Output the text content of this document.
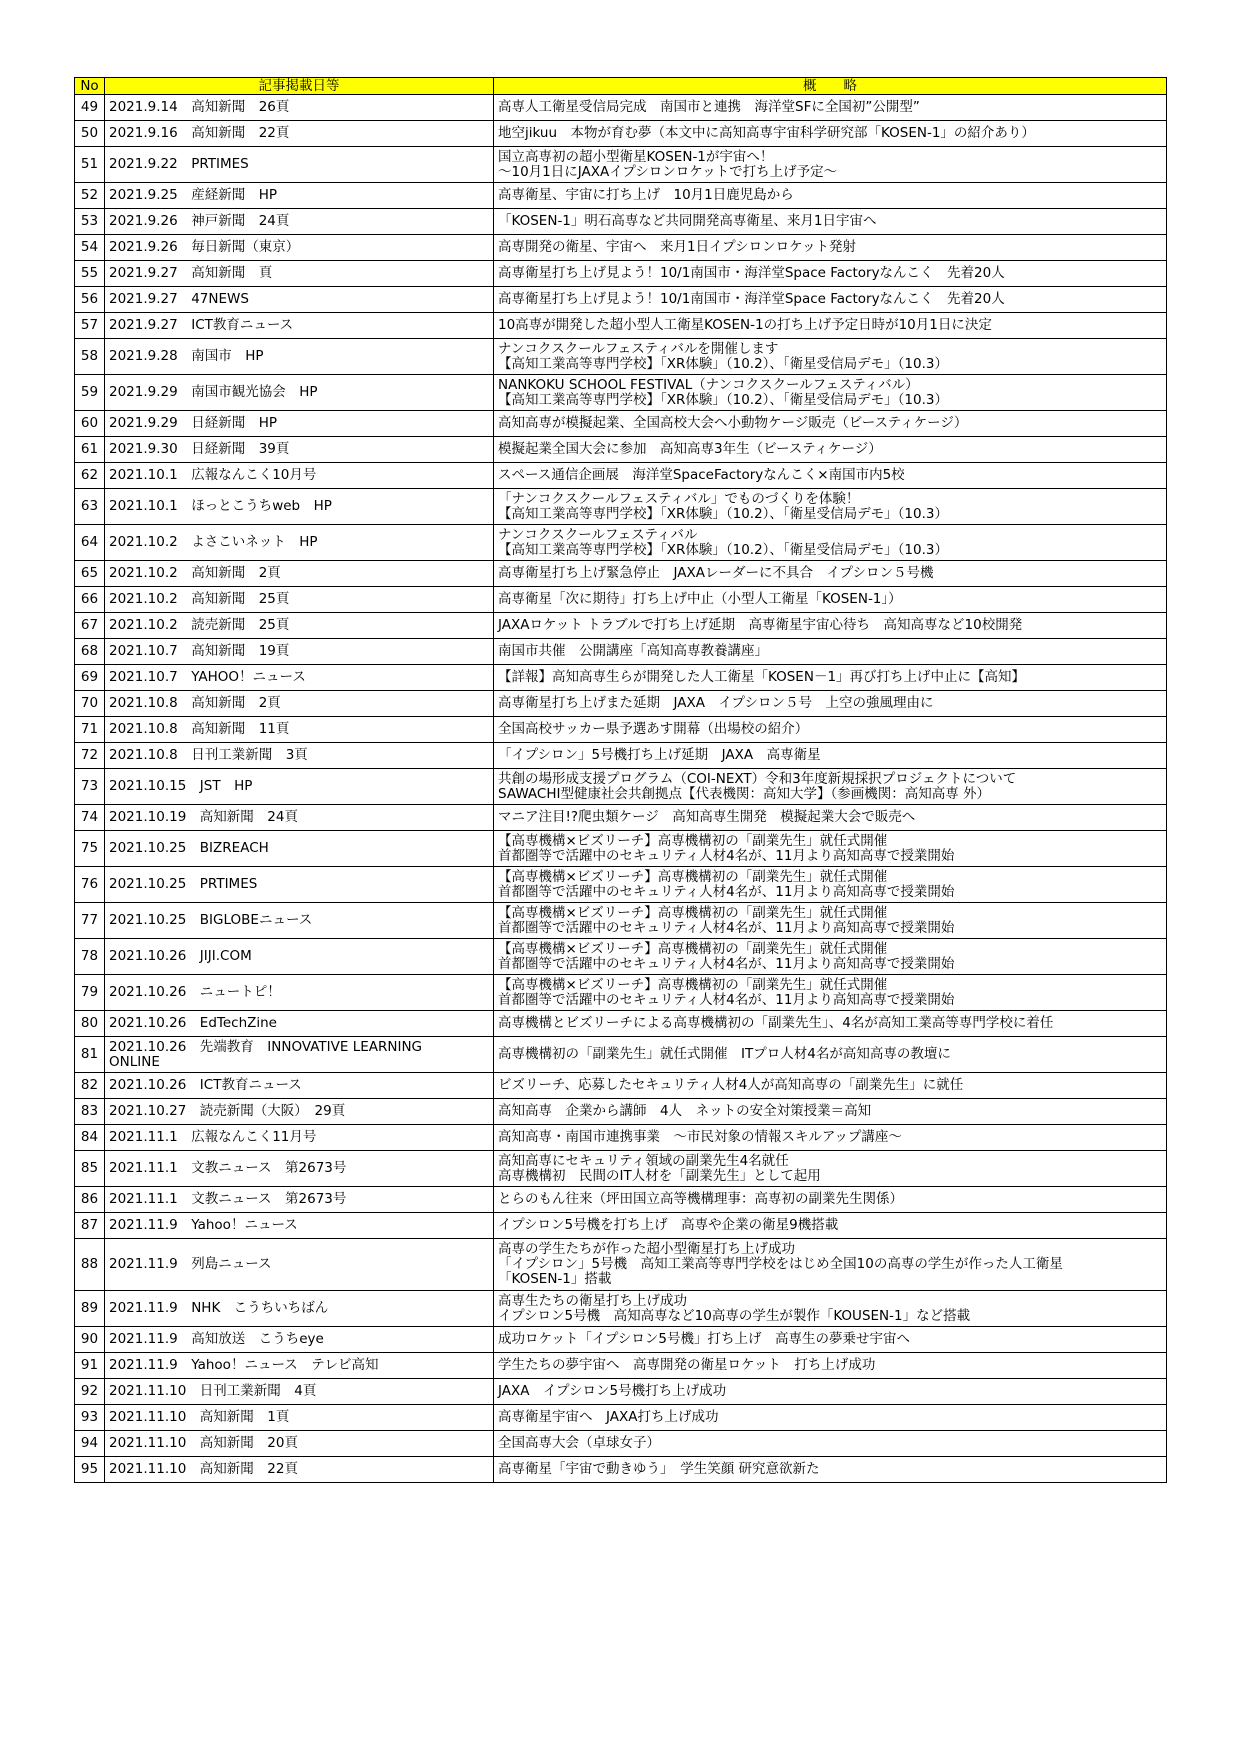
No	記事掲載日等	概　　略
49	2021.9.14　高知新聞　26頁	高専人工衛星受信局完成　南国市と連携　海洋堂SFに全国初”公開型”

50	2021.9.16　高知新聞　22頁	地空jikuu　本物が育む夢（本文中に高知高専宇宙科学研究部「KOSEN-1」の紹介あり）

51	2021.9.22　PRTIMES	国立高専初の超小型衛星KOSEN-1が宇宙へ！
～10月1日にJAXAイプシロンロケットで打ち上げ予定～

52	2021.9.25　産経新聞　HP	高専衛星、宇宙に打ち上げ　10月1日鹿児島から

53	2021.9.26　神戸新聞　24頁	「KOSEN-1」明石高専など共同開発高専衛星、来月1日宇宙へ

54	2021.9.26　毎日新聞（東京）	高専開発の衛星、宇宙へ　来月1日イプシロンロケット発射

55	2021.9.27　高知新聞　頁	高専衛星打ち上げ見よう！10/1南国市・海洋堂Space Factoryなんこく　先着20人

56	2021.9.27　47NEWS	高専衛星打ち上げ見よう！10/1南国市・海洋堂Space Factoryなんこく　先着20人

57	2021.9.27　ICT教育ニュース	10高専が開発した超小型人工衛星KOSEN-1の打ち上げ予定日時が10月1日に決定

58	2021.9.28　南国市　HP	ナンコクスクールフェスティバルを開催します
【高知工業高等専門学校】「XR体験」（10.2）、「衛星受信局デモ」（10.3）

59	2021.9.29　南国市観光協会　HP	NANKOKU SCHOOL FESTIVAL（ナンコクスクールフェスティバル）
【高知工業高等専門学校】「XR体験」（10.2）、「衛星受信局デモ」（10.3）

60	2021.9.29　日経新聞　HP	高知高専が模擬起業、全国高校大会へ小動物ケージ販売（ビースティケージ）

61	2021.9.30　日経新聞　39頁	模擬起業全国大会に参加　高知高専3年生（ビースティケージ）

62	2021.10.1　広報なんこく10月号	スペース通信企画展　海洋堂SpaceFactoryなんこく×南国市内5校

63	2021.10.1　ほっとこうちweb　HP	「ナンコクスクールフェスティバル」でものづくりを体験！
【高知工業高等専門学校】「XR体験」（10.2）、「衛星受信局デモ」（10.3）

64	2021.10.2　よさこいネット　HP	ナンコクスクールフェスティバル
【高知工業高等専門学校】「XR体験」（10.2）、「衛星受信局デモ」（10.3）

65	2021.10.2　高知新聞　2頁	高専衛星打ち上げ緊急停止　JAXAレーダーに不具合　イプシロン５号機

66	2021.10.2　高知新聞　25頁	高専衛星「次に期待」打ち上げ中止（小型人工衛星「KOSEN-1」）

67	2021.10.2　読売新聞　25頁	JAXAロケット トラブルで打ち上げ延期　高専衛星宇宙心待ち　高知高専など10校開発

68	2021.10.7　高知新聞　19頁	南国市共催　公開講座「高知高専教養講座」

69	2021.10.7　YAHOO！ニュース	【詳報】高知高専生らが開発した人工衛星「KOSEN－1」再び打ち上げ中止に【高知】

70	2021.10.8　高知新聞　2頁	高専衛星打ち上げまた延期　JAXA　イプシロン５号　上空の強風理由に

71	2021.10.8　高知新聞　11頁	全国高校サッカー県予選あす開幕（出場校の紹介）

72	2021.10.8　日刊工業新聞　3頁	「イプシロン」5号機打ち上げ延期　JAXA　高専衛星

73	2021.10.15　JST　HP	共創の場形成支援プログラム（COI-NEXT）令和3年度新規採択プロジェクトについて
SAWACHI型健康社会共創拠点【代表機関：高知大学】（参画機関：高知高専 外）

74	2021.10.19　高知新聞　24頁	マニア注目!?爬虫類ケージ　高知高専生開発　模擬起業大会で販売へ

75	2021.10.25　BIZREACH	【高専機構×ビズリーチ】高専機構初の「副業先生」就任式開催
首都圏等で活躍中のセキュリティ人材4名が、11月より高知高専で授業開始

76	2021.10.25　PRTIMES	【高専機構×ビズリーチ】高専機構初の「副業先生」就任式開催
首都圏等で活躍中のセキュリティ人材4名が、11月より高知高専で授業開始

77	2021.10.25　BIGLOBEニュース	【高専機構×ビズリーチ】高専機構初の「副業先生」就任式開催
首都圏等で活躍中のセキュリティ人材4名が、11月より高知高専で授業開始

78	2021.10.26　JIJI.COM	【高専機構×ビズリーチ】高専機構初の「副業先生」就任式開催
首都圏等で活躍中のセキュリティ人材4名が、11月より高知高専で授業開始

79	2021.10.26　ニュートピ！	【高専機構×ビズリーチ】高専機構初の「副業先生」就任式開催
首都圏等で活躍中のセキュリティ人材4名が、11月より高知高専で授業開始

80	2021.10.26　EdTechZine	高専機構とビズリーチによる高専機構初の「副業先生」、4名が高知工業高等専門学校に着任

81	2021.10.26　先端教育　INNOVATIVE LEARNING
ONLINE	高専機構初の「副業先生」就任式開催　ITプロ人材4名が高知高専の教壇に

82	2021.10.26　ICT教育ニュース	ビズリーチ、応募したセキュリティ人材4人が高知高専の「副業先生」に就任

83	2021.10.27　読売新聞（大阪）　29頁	高知高専　企業から講師　4人　ネットの安全対策授業＝高知

84	2021.11.1　広報なんこく11月号	高知高専・南国市連携事業　～市民対象の情報スキルアップ講座～

85	2021.11.1　文教ニュース　第2673号	高知高専にセキュリティ領域の副業先生4名就任
高専機構初　民間のIT人材を「副業先生」として起用

86	2021.11.1　文教ニュース　第2673号	とらのもん往来（坪田国立高等機構理事：高専初の副業先生関係）

87	2021.11.9　Yahoo！ニュース	イプシロン5号機を打ち上げ　高専や企業の衛星9機搭載

88	2021.11.9　列島ニュース	高専の学生たちが作った超小型衛星打ち上げ成功
「イプシロン」5号機　高知工業高等専門学校をはじめ全国10の高専の学生が作った人工衛星
「KOSEN-1」搭載

89	2021.11.9　NHK　こうちいちばん	高専生たちの衛星打ち上げ成功
イプシロン5号機　高知高専など10高専の学生が製作「KOUSEN-1」など搭載

90	2021.11.9　高知放送　こうちeye	成功ロケット「イプシロン5号機」打ち上げ　高専生の夢乗せ宇宙へ

91	2021.11.9　Yahoo！ニュース　テレビ高知	学生たちの夢宇宙へ　高専開発の衛星ロケット　打ち上げ成功

92	2021.11.10　日刊工業新聞　4頁	JAXA　イプシロン5号機打ち上げ成功

93	2021.11.10　高知新聞　1頁	高専衛星宇宙へ　JAXA打ち上げ成功

94	2021.11.10　高知新聞　20頁	全国高専大会（卓球女子）

95	2021.11.10　高知新聞　22頁	高専衛星「宇宙で動きゆう」　学生笑顔 研究意欲新た
